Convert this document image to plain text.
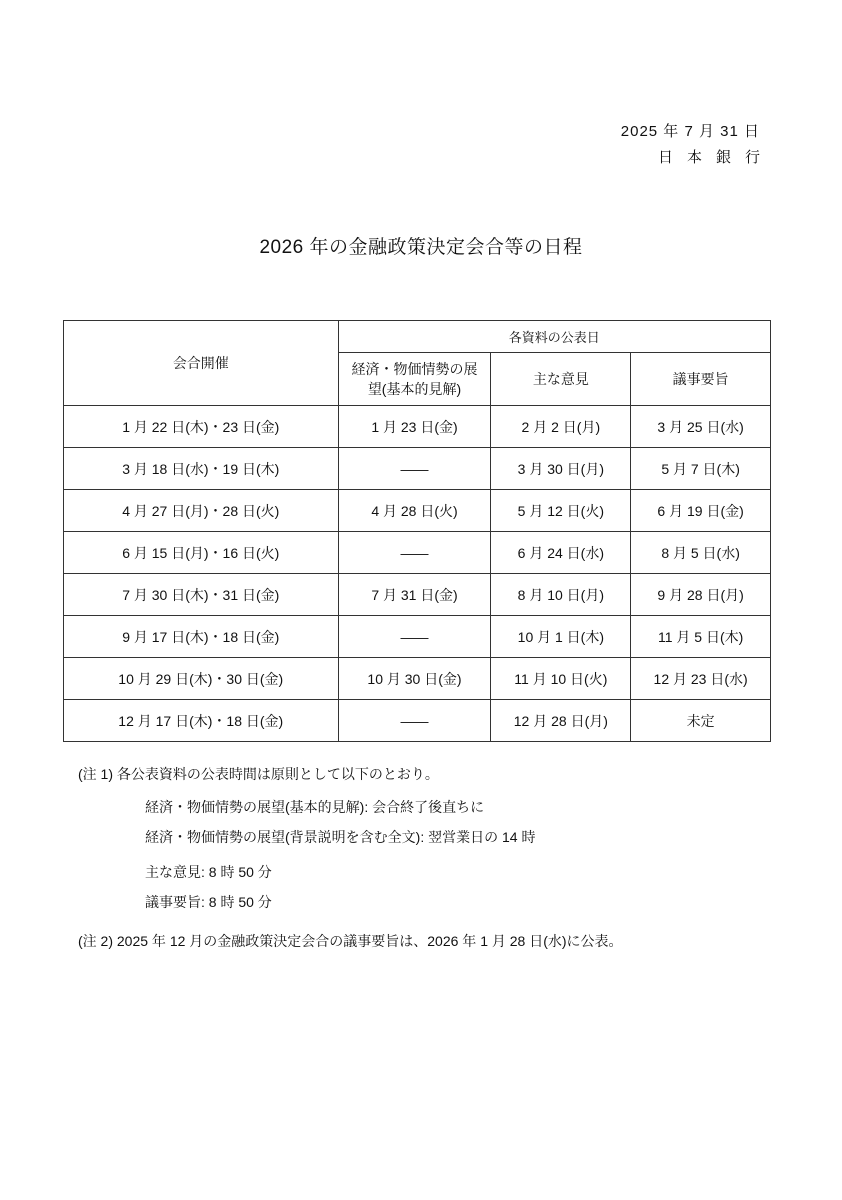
2025 年 7 月 31 日
日本銀行
2026 年の金融政策決定会合等の日程
会合開催	各資料の公表日		

	経済・物価情勢の展望(基本的見解)	主な意見	議事要旨
1 月 22 日(木)・23 日(金)	1 月 23 日(金)	2 月 2 日(月)	3 月 25 日(水)
3 月 18 日(水)・19 日(木)	——	3 月 30 日(月)	5 月 7 日(木)
4 月 27 日(月)・28 日(火)	4 月 28 日(火)	5 月 12 日(火)	6 月 19 日(金)
6 月 15 日(月)・16 日(火)	——	6 月 24 日(水)	8 月 5 日(水)
7 月 30 日(木)・31 日(金)	7 月 31 日(金)	8 月 10 日(月)	9 月 28 日(月)
9 月 17 日(木)・18 日(金)	——	10 月 1 日(木)	11 月 5 日(木)
10 月 29 日(木)・30 日(金)	10 月 30 日(金)	11 月 10 日(火)	12 月 23 日(水)
12 月 17 日(木)・18 日(金)	——	12 月 28 日(月)	未定
(注 1) 各公表資料の公表時間は原則として以下のとおり。
経済・物価情勢の展望(基本的見解): 会合終了後直ちに
経済・物価情勢の展望(背景説明を含む全文): 翌営業日の 14 時
主な意見: 8 時 50 分
議事要旨: 8 時 50 分
(注 2) 2025 年 12 月の金融政策決定会合の議事要旨は、2026 年 1 月 28 日(水)に公表。
